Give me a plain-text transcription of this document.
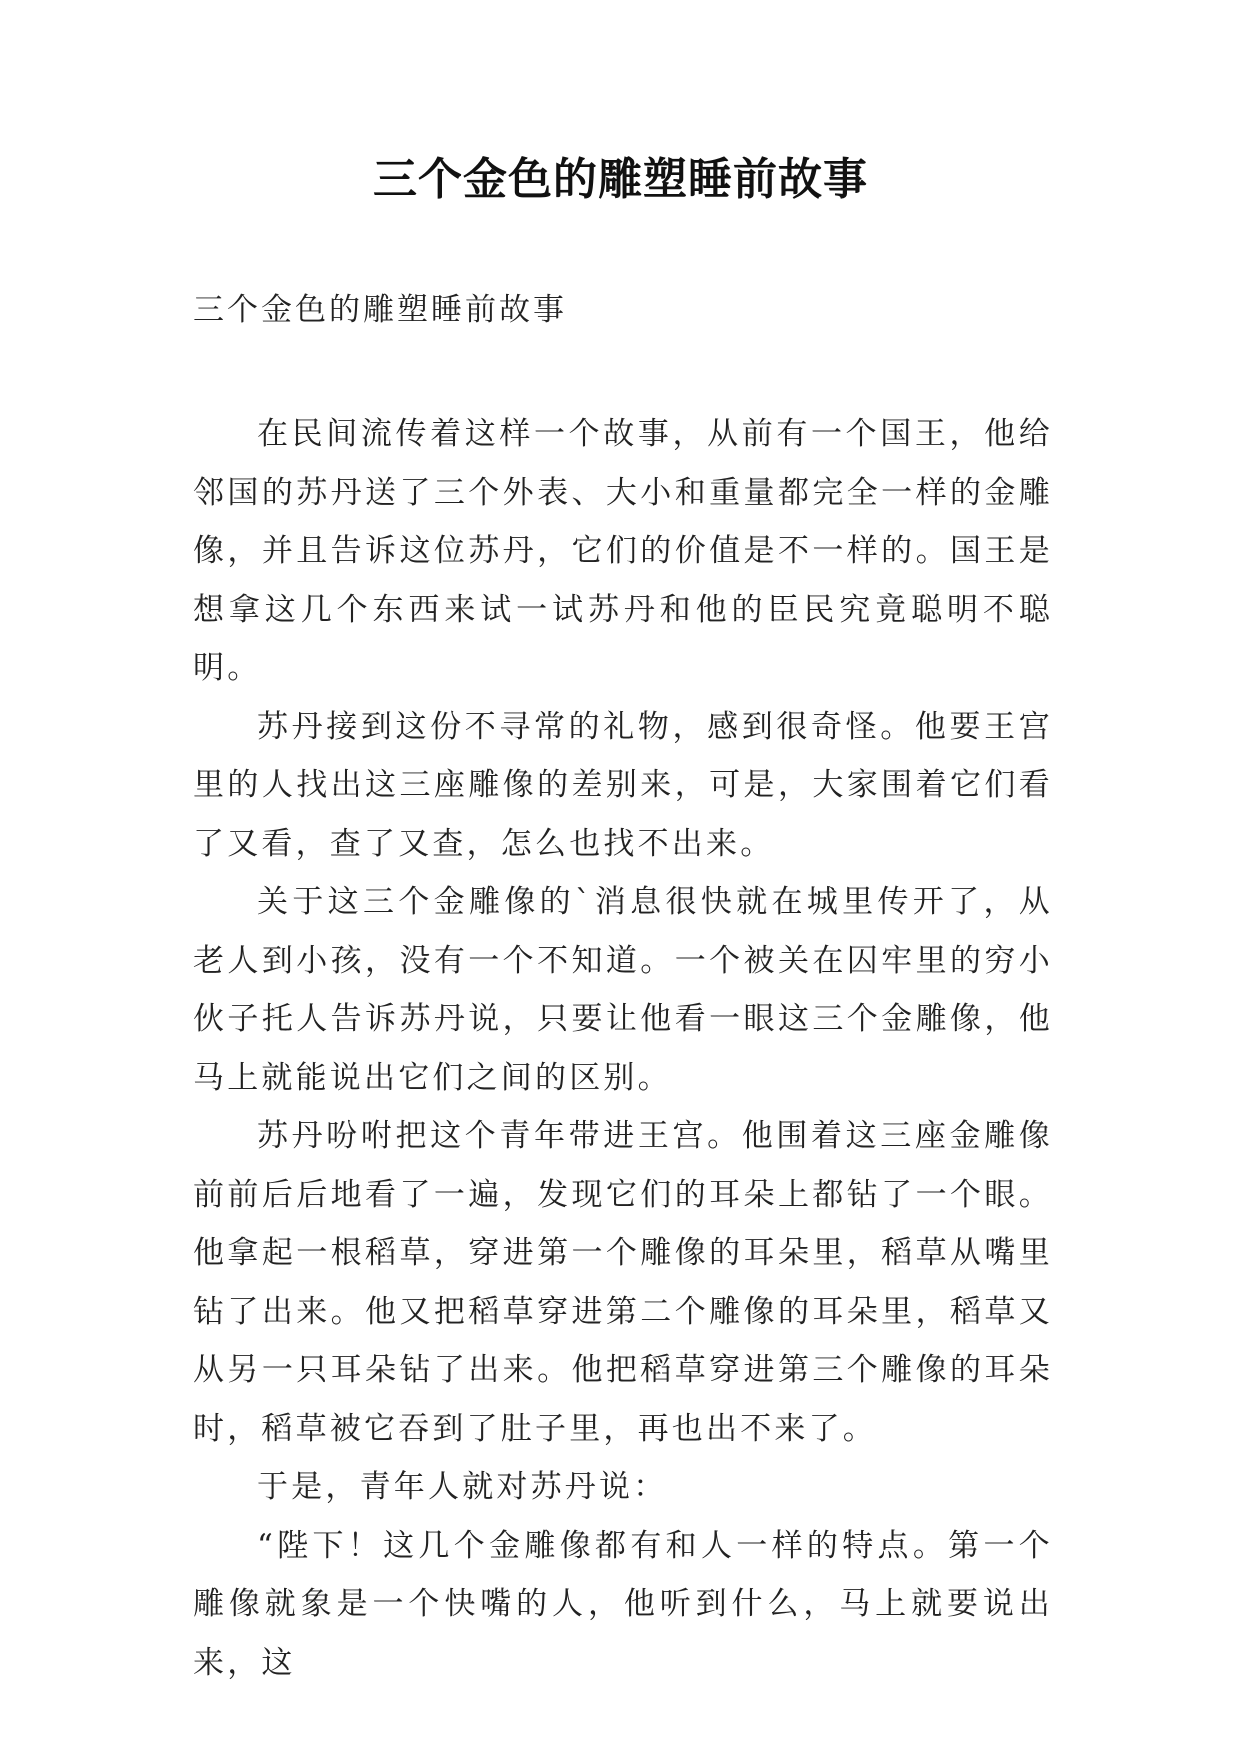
三个金色的雕塑睡前故事

三个金色的雕塑睡前故事

在民间流传着这样一个故事，从前有一个国王，他给邻国的苏丹送了三个外表、大小和重量都完全一样的金雕像，并且告诉这位苏丹，它们的价值是不一样的。国王是想拿这几个东西来试一试苏丹和他的臣民究竟聪明不聪明。

苏丹接到这份不寻常的礼物，感到很奇怪。他要王宫里的人找出这三座雕像的差别来，可是，大家围着它们看了又看，查了又查，怎么也找不出来。

关于这三个金雕像的`消息很快就在城里传开了，从老人到小孩，没有一个不知道。一个被关在囚牢里的穷小伙子托人告诉苏丹说，只要让他看一眼这三个金雕像，他马上就能说出它们之间的区别。

苏丹吩咐把这个青年带进王宫。他围着这三座金雕像前前后后地看了一遍，发现它们的耳朵上都钻了一个眼。他拿起一根稻草，穿进第一个雕像的耳朵里，稻草从嘴里钻了出来。他又把稻草穿进第二个雕像的耳朵里，稻草又从另一只耳朵钻了出来。他把稻草穿进第三个雕像的耳朵时，稻草被它吞到了肚子里，再也出不来了。

于是，青年人就对苏丹说：

“陛下！这几个金雕像都有和人一样的特点。第一个雕像就象是一个快嘴的人，他听到什么，马上就要说出来，这
